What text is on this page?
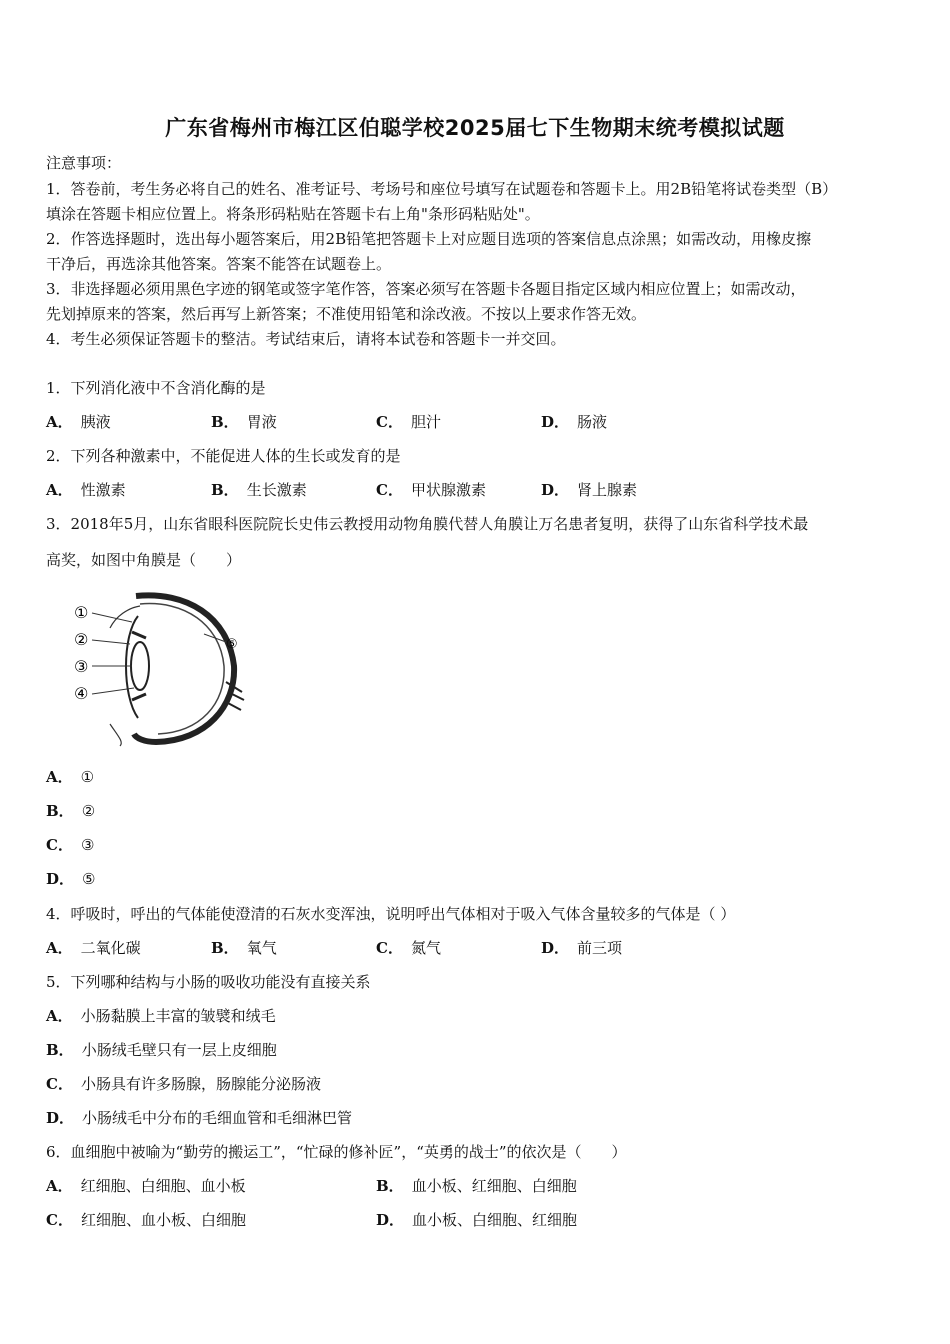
广东省梅州市梅江区伯聪学校2025届七下生物期末统考模拟试题
注意事项：
1．答卷前，考生务必将自己的姓名、准考证号、考场号和座位号填写在试题卷和答题卡上。用2B铅笔将试卷类型（B）
填涂在答题卡相应位置上。将条形码粘贴在答题卡右上角"条形码粘贴处"。
2．作答选择题时，选出每小题答案后，用2B铅笔把答题卡上对应题目选项的答案信息点涂黑；如需改动，用橡皮擦
干净后，再选涂其他答案。答案不能答在试题卷上。
3．非选择题必须用黑色字迹的钢笔或签字笔作答，答案必须写在答题卡各题目指定区域内相应位置上；如需改动，
先划掉原来的答案，然后再写上新答案；不准使用铅笔和涂改液。不按以上要求作答无效。
4．考生必须保证答题卡的整洁。考试结束后，请将本试卷和答题卡一并交回。
1．下列消化液中不含消化酶的是
A． 胰液	B． 胃液	C． 胆汁	D． 肠液
2．下列各种激素中，不能促进人体的生长或发育的是
A． 性激素	B． 生长激素	C． 甲状腺激素	D． 肾上腺素
3．2018年5月，山东省眼科医院院长史伟云教授用动物角膜代替人角膜让万名患者复明，获得了山东省科学技术最
高奖，如图中角膜是（　　）
①
②
③
④
⑤
A． ①
B． ②
C． ③
D． ⑤
4．呼吸时，呼出的气体能使澄清的石灰水变浑浊，说明呼出气体相对于吸入气体含量较多的气体是（ ）
A． 二氧化碳	B． 氧气	C． 氮气	D． 前三项
5．下列哪种结构与小肠的吸收功能没有直接关系
A． 小肠黏膜上丰富的皱襞和绒毛
B． 小肠绒毛壁只有一层上皮细胞
C． 小肠具有许多肠腺，肠腺能分泌肠液
D． 小肠绒毛中分布的毛细血管和毛细淋巴管
6．血细胞中被喻为“勤劳的搬运工”，“忙碌的修补匠”，“英勇的战士”的依次是（　　）
A． 红细胞、白细胞、血小板	B． 血小板、红细胞、白细胞
C． 红细胞、血小板、白细胞	D． 血小板、白细胞、红细胞
